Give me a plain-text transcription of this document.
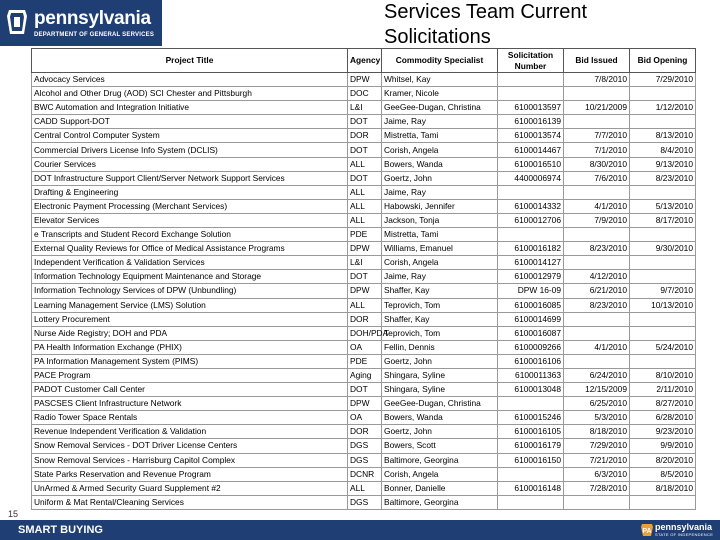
pennsylvania
DEPARTMENT OF GENERAL SERVICES
Services Team Current Solicitations
Project Title	Agency	Commodity Specialist	Solicitation Number	Bid Issued	Bid Opening
Advocacy Services	DPW	Whitsel, Kay		7/8/2010	7/29/2010
Alcohol and Other Drug (AOD) SCI Chester and Pittsburgh	DOC	Kramer, Nicole			
BWC Automation and Integration Initiative	L&I	GeeGee-Dugan, Christina	6100013597	10/21/2009	1/12/2010
CADD Support-DOT	DOT	Jaime, Ray	6100016139		
Central Control Computer System	DOR	Mistretta, Tami	6100013574	7/7/2010	8/13/2010
Commercial Drivers License Info System (DCLIS)	DOT	Corish, Angela	6100014467	7/1/2010	8/4/2010
Courier Services	ALL	Bowers, Wanda	6100016510	8/30/2010	9/13/2010
DOT Infrastructure Support Client/Server Network Support Services	DOT	Goertz, John	4400006974	7/6/2010	8/23/2010
Drafting & Engineering	ALL	Jaime, Ray			
Electronic Payment Processing (Merchant Services)	ALL	Habowski, Jennifer	6100014332	4/1/2010	5/13/2010
Elevator Services	ALL	Jackson, Tonja	6100012706	7/9/2010	8/17/2010
e Transcripts and Student Record Exchange Solution	PDE	Mistretta, Tami			
External Quality Reviews for Office of Medical Assistance Programs	DPW	Williams, Emanuel	6100016182	8/23/2010	9/30/2010
Independent Verification & Validation Services	L&I	Corish, Angela	6100014127		
Information Technology Equipment Maintenance and Storage	DOT	Jaime, Ray	6100012979	4/12/2010	
Information Technology Services of DPW (Unbundling)	DPW	Shaffer, Kay	DPW 16-09	6/21/2010	9/7/2010
Learning Management Service (LMS) Solution	ALL	Teprovich, Tom	6100016085	8/23/2010	10/13/2010
Lottery Procurement	DOR	Shaffer, Kay	6100014699		
Nurse Aide Registry; DOH and PDA	DOH/PDA	Teprovich, Tom	6100016087		
PA Health Information Exchange (PHIX)	OA	Fellin, Dennis	6100009266	4/1/2010	5/24/2010
PA Information Management System (PIMS)	PDE	Goertz, John	6100016106		
PACE Program	Aging	Shingara, Syline	6100011363	6/24/2010	8/10/2010
PADOT Customer Call Center	DOT	Shingara, Syline	6100013048	12/15/2009	2/11/2010
PASCSES Client Infrastructure Network	DPW	GeeGee-Dugan, Christina		6/25/2010	8/27/2010
Radio Tower Space Rentals	OA	Bowers, Wanda	6100015246	5/3/2010	6/28/2010
Revenue Independent Verification & Validation	DOR	Goertz, John	6100016105	8/18/2010	9/23/2010
Snow Removal Services - DOT Driver License Centers	DGS	Bowers, Scott	6100016179	7/29/2010	9/9/2010
Snow Removal Services - Harrisburg Capitol Complex	DGS	Baltimore, Georgina	6100016150	7/21/2010	8/20/2010
State Parks Reservation and Revenue Program	DCNR	Corish, Angela		6/3/2010	8/5/2010
UnArmed & Armed Security Guard Supplement #2	ALL	Bonner, Danielle	6100016148	7/28/2010	8/18/2010
Uniform & Mat Rental/Cleaning Services	DGS	Baltimore, Georgina			
15
SMART BUYING	PA pennsylvania
STATE OF INDEPENDENCE
